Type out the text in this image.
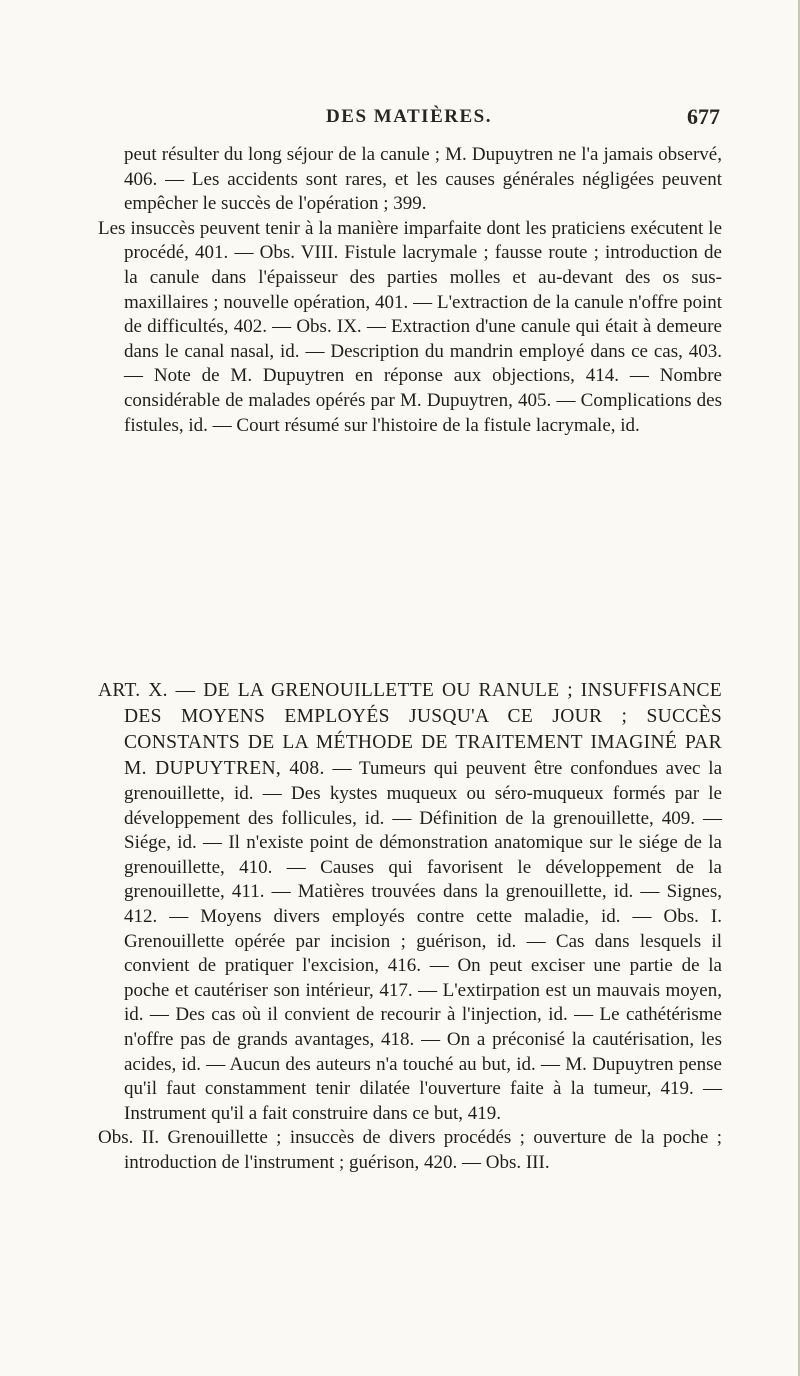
DES MATIÈRES.	677

peut résulter du long séjour de la canule ; M. Dupuytren ne l'a jamais observé, 406. — Les accidents sont rares, et les causes générales négligées peuvent empêcher le succès de l'opération ; 399.

Les insuccès peuvent tenir à la manière imparfaite dont les praticiens exécutent le procédé, 401. — Obs. VIII. Fistule lacrymale ; fausse route ; introduction de la canule dans l'épaisseur des parties molles et au-devant des os sus-maxillaires ; nouvelle opération, 401. — L'extraction de la canule n'offre point de difficultés, 402. — Obs. IX. — Extraction d'une canule qui était à demeure dans le canal nasal, id. — Description du mandrin employé dans ce cas, 403. — Note de M. Dupuytren en réponse aux objections, 414. — Nombre considérable de malades opérés par M. Dupuytren, 405. — Complications des fistules, id. — Court résumé sur l'histoire de la fistule lacrymale, id.

ART. X. — DE LA GRENOUILLETTE OU RANULE ; INSUFFISANCE DES MOYENS EMPLOYÉS JUSQU'A CE JOUR ; SUCCÈS CONSTANTS DE LA MÉTHODE DE TRAITEMENT IMAGINÉ PAR M. DUPUYTREN, 408. — Tumeurs qui peuvent être confondues avec la grenouillette, id. — Des kystes muqueux ou séro-muqueux formés par le développement des follicules, id. — Définition de la grenouillette, 409. — Siége, id. — Il n'existe point de démonstration anatomique sur le siége de la grenouillette, 410. — Causes qui favorisent le développement de la grenouillette, 411. — Matières trouvées dans la grenouillette, id. — Signes, 412. — Moyens divers employés contre cette maladie, id. — Obs. I. Grenouillette opérée par incision ; guérison, id. — Cas dans lesquels il convient de pratiquer l'excision, 416. — On peut exciser une partie de la poche et cautériser son intérieur, 417. — L'extirpation est un mauvais moyen, id. — Des cas où il convient de recourir à l'injection, id. — Le cathétérisme n'offre pas de grands avantages, 418. — On a préconisé la cautérisation, les acides, id. — Aucun des auteurs n'a touché au but, id. — M. Dupuytren pense qu'il faut constamment tenir dilatée l'ouverture faite à la tumeur, 419. — Instrument qu'il a fait construire dans ce but, 419.

Obs. II. Grenouillette ; insuccès de divers procédés ; ouverture de la poche ; introduction de l'instrument ; guérison, 420. — Obs. III.
